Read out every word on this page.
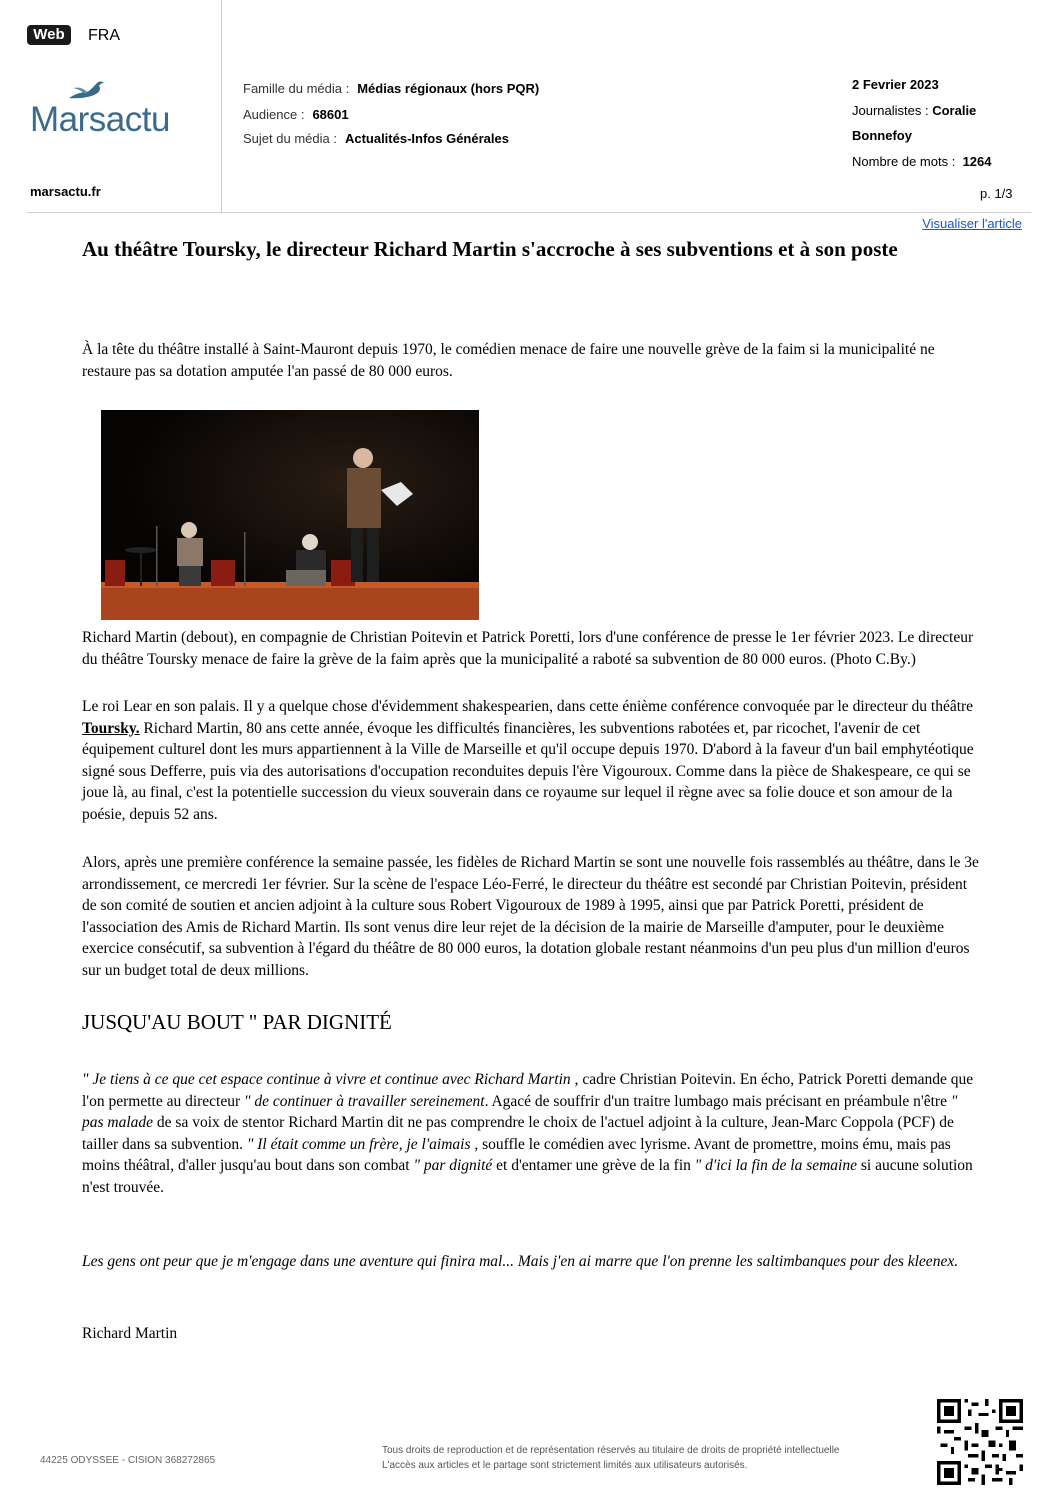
Web	FRA
Marsactu
marsactu.fr
Famille du média : Médias régionaux (hors PQR)
Audience : 68601
Sujet du média : Actualités-Infos Générales
2 Fevrier 2023
Journalistes : Coralie
Bonnefoy
Nombre de mots : 1264
p. 1/3
Visualiser l'article
Au théâtre Toursky, le directeur Richard Martin s'accroche à ses subventions et à son poste

À la tête du théâtre installé à Saint-Mauront depuis 1970, le comédien menace de faire une nouvelle grève de la faim si la municipalité ne restaure pas sa dotation amputée l'an passé de 80 000 euros.

Richard Martin (debout), en compagnie de Christian Poitevin et Patrick Poretti, lors d'une conférence de presse le 1er février 2023. Le directeur du théâtre Toursky menace de faire la grève de la faim après que la municipalité a raboté sa subvention de 80 000 euros. (Photo C.By.)

Le roi Lear en son palais. Il y a quelque chose d'évidemment shakespearien, dans cette énième conférence convoquée par le directeur du théâtre Toursky. Richard Martin, 80 ans cette année, évoque les difficultés financières, les subventions rabotées et, par ricochet, l'avenir de cet équipement culturel dont les murs appartiennent à la Ville de Marseille et qu'il occupe depuis 1970. D'abord à la faveur d'un bail emphytéotique signé sous Defferre, puis via des autorisations d'occupation reconduites depuis l'ère Vigouroux. Comme dans la pièce de Shakespeare, ce qui se joue là, au final, c'est la potentielle succession du vieux souverain dans ce royaume sur lequel il règne avec sa folie douce et son amour de la poésie, depuis 52 ans.

Alors, après une première conférence la semaine passée, les fidèles de Richard Martin se sont une nouvelle fois rassemblés au théâtre, dans le 3e arrondissement, ce mercredi 1er février. Sur la scène de l'espace Léo-Ferré, le directeur du théâtre est secondé par Christian Poitevin, président de son comité de soutien et ancien adjoint à la culture sous Robert Vigouroux de 1989 à 1995, ainsi que par Patrick Poretti, président de l'association des Amis de Richard Martin. Ils sont venus dire leur rejet de la décision de la mairie de Marseille d'amputer, pour le deuxième exercice consécutif, sa subvention à l'égard du théâtre de 80 000 euros, la dotation globale restant néanmoins d'un peu plus d'un million d'euros sur un budget total de deux millions.

JUSQU'AU BOUT " PAR DIGNITÉ

" Je tiens à ce que cet espace continue à vivre et continue avec Richard Martin , cadre Christian Poitevin. En écho, Patrick Poretti demande que l'on permette au directeur " de continuer à travailler sereinement. Agacé de souffrir d'un traitre lumbago mais précisant en préambule n'être " pas malade de sa voix de stentor Richard Martin dit ne pas comprendre le choix de l'actuel adjoint à la culture, Jean-Marc Coppola (PCF) de tailler dans sa subvention. " Il était comme un frère, je l'aimais , souffle le comédien avec lyrisme. Avant de promettre, moins ému, mais pas moins théâtral, d'aller jusqu'au bout dans son combat " par dignité et d'entamer une grève de la fin " d'ici la fin de la semaine si aucune solution n'est trouvée.

Les gens ont peur que je m'engage dans une aventure qui finira mal... Mais j'en ai marre que l'on prenne les saltimbanques pour des kleenex.

Richard Martin

44225 ODYSSEE - CISION 368272865
Tous droits de reproduction et de représentation réservés au titulaire de droits de propriété intellectuelle
L'accès aux articles et le partage sont strictement limités aux utilisateurs autorisés.
